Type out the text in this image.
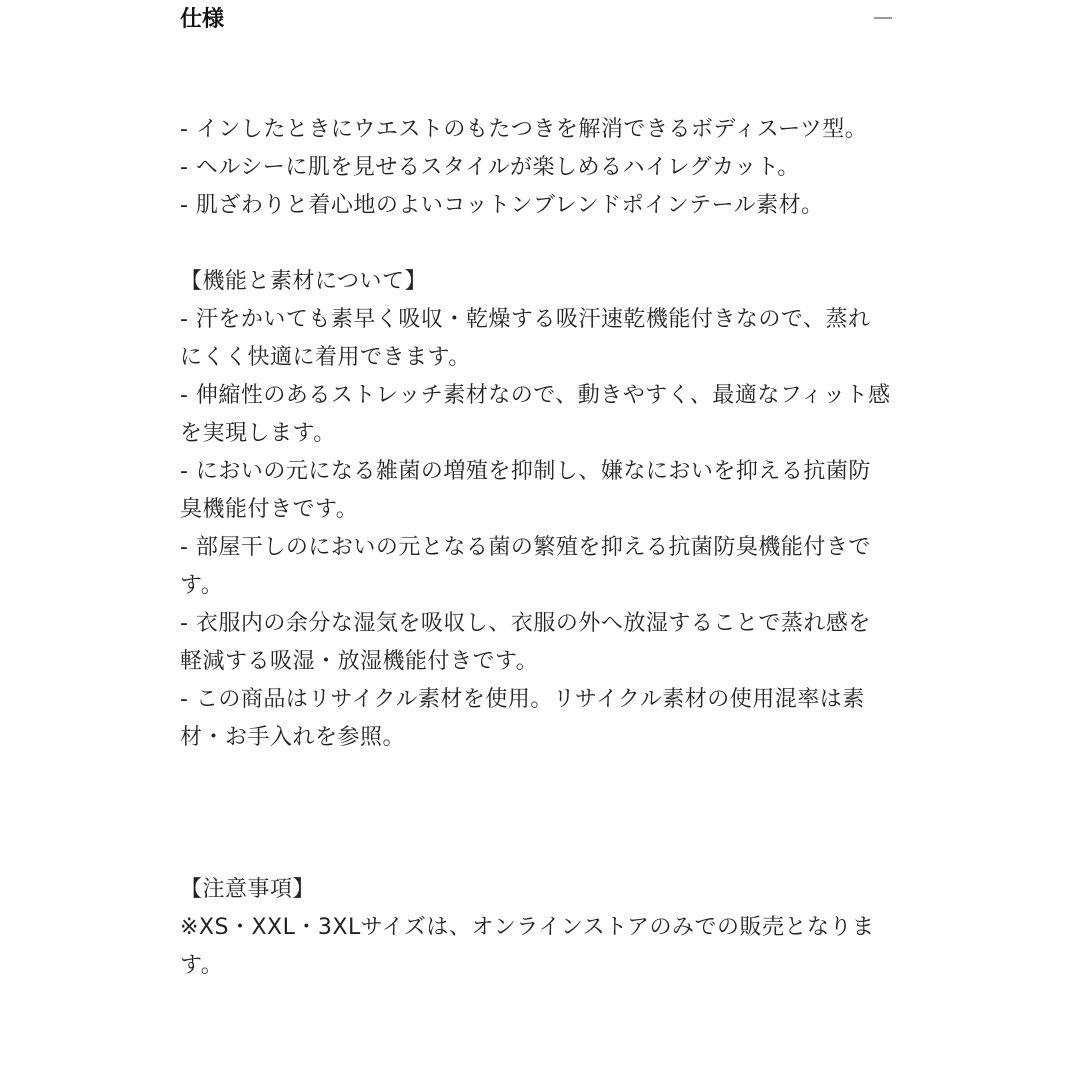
仕様

- インしたときにウエストのもたつきを解消できるボディスーツ型。

- ヘルシーに肌を見せるスタイルが楽しめるハイレグカット。

- 肌ざわりと着心地のよいコットンブレンドポインテール素材。

【機能と素材について】

- 汗をかいても素早く吸収・乾燥する吸汗速乾機能付きなので、蒸れにくく快適に着用できます。

- 伸縮性のあるストレッチ素材なので、動きやすく、最適なフィット感を実現します。

- においの元になる雑菌の増殖を抑制し、嫌なにおいを抑える抗菌防臭機能付きです。

- 部屋干しのにおいの元となる菌の繁殖を抑える抗菌防臭機能付きです。

- 衣服内の余分な湿気を吸収し、衣服の外へ放湿することで蒸れ感を軽減する吸湿・放湿機能付きです。

- この商品はリサイクル素材を使用。リサイクル素材の使用混率は素材・お手入れを参照。

【注意事項】

※XS・XXL・3XLサイズは、オンラインストアのみでの販売となります。
